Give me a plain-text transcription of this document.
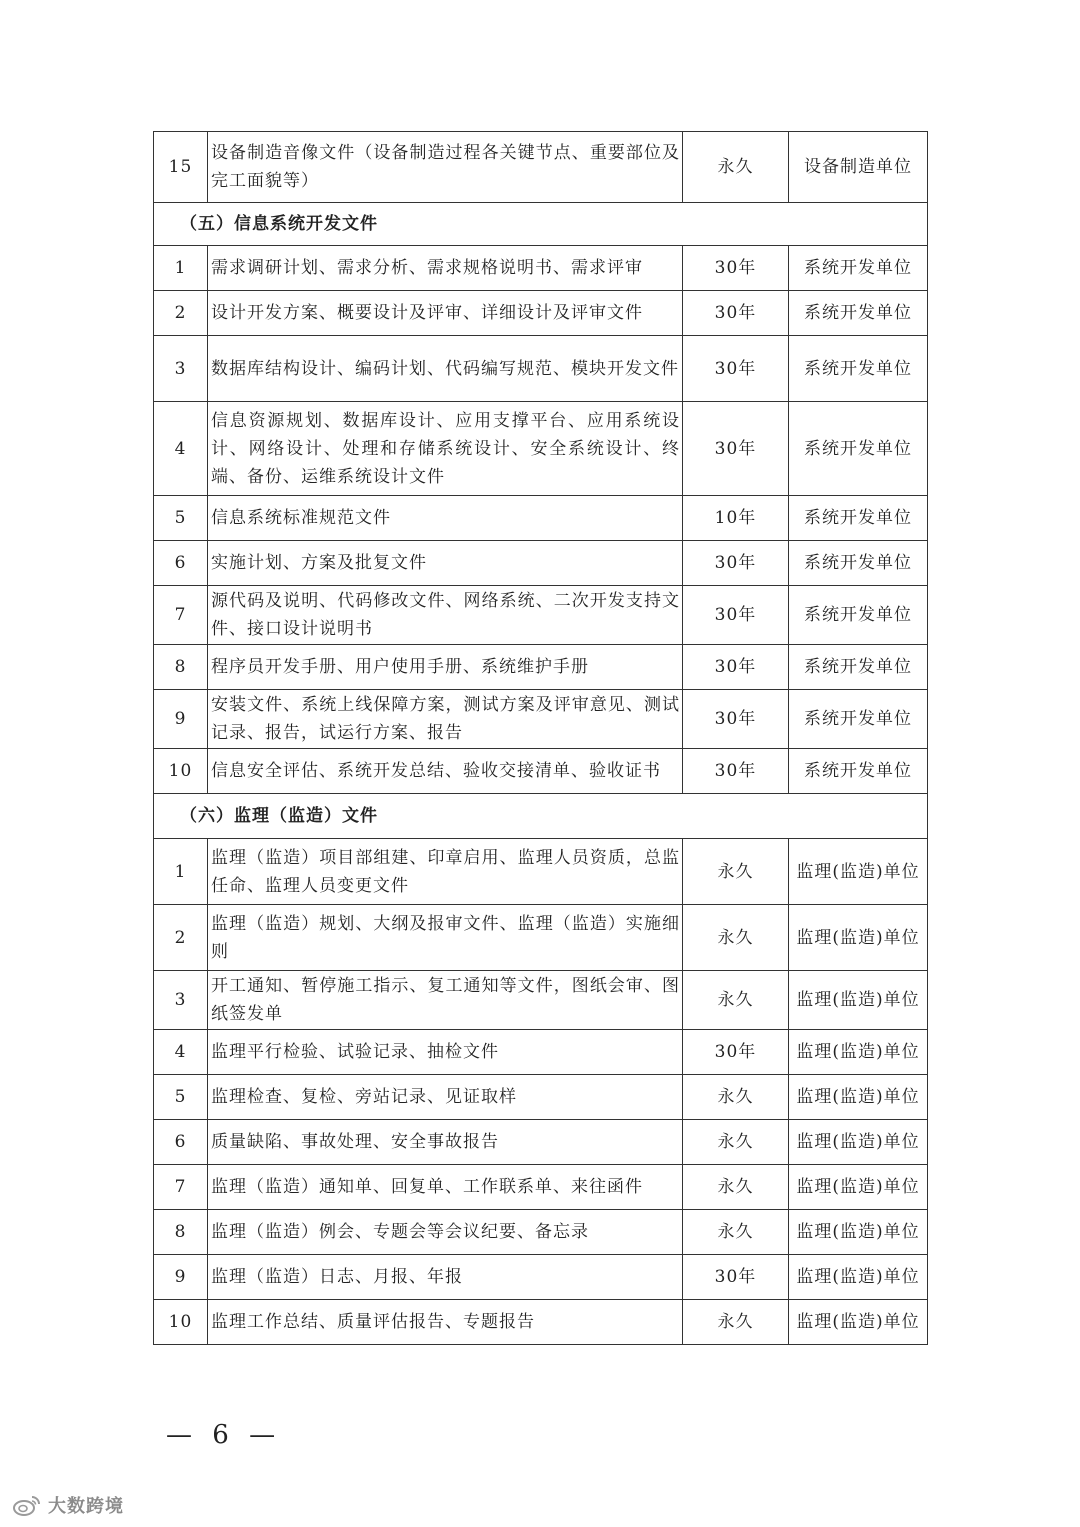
15	设备制造音像文件（设备制造过程各关键节点、重要部位及完工面貌等）	永久	设备制造单位
（五）信息系统开发文件			
1	需求调研计划、需求分析、需求规格说明书、需求评审	30年	系统开发单位
2	设计开发方案、概要设计及评审、详细设计及评审文件	30年	系统开发单位
3	数据库结构设计、编码计划、代码编写规范、模块开发文件	30年	系统开发单位
4	信息资源规划、数据库设计、应用支撑平台、应用系统设计、网络设计、处理和存储系统设计、安全系统设计、终端、备份、运维系统设计文件	30年	系统开发单位
5	信息系统标准规范文件	10年	系统开发单位
6	实施计划、方案及批复文件	30年	系统开发单位
7	源代码及说明、代码修改文件、网络系统、二次开发支持文件、接口设计说明书	30年	系统开发单位
8	程序员开发手册、用户使用手册、系统维护手册	30年	系统开发单位
9	安装文件、系统上线保障方案，测试方案及评审意见、测试记录、报告，试运行方案、报告	30年	系统开发单位
10	信息安全评估、系统开发总结、验收交接清单、验收证书	30年	系统开发单位
（六）监理（监造）文件			
1	监理（监造）项目部组建、印章启用、监理人员资质，总监任命、监理人员变更文件	永久	监理(监造)单位
2	监理（监造）规划、大纲及报审文件、监理（监造）实施细则	永久	监理(监造)单位
3	开工通知、暂停施工指示、复工通知等文件，图纸会审、图纸签发单	永久	监理(监造)单位
4	监理平行检验、试验记录、抽检文件	30年	监理(监造)单位
5	监理检查、复检、旁站记录、见证取样	永久	监理(监造)单位
6	质量缺陷、事故处理、安全事故报告	永久	监理(监造)单位
7	监理（监造）通知单、回复单、工作联系单、来往函件	永久	监理(监造)单位
8	监理（监造）例会、专题会等会议纪要、备忘录	永久	监理(监造)单位
9	监理（监造）日志、月报、年报	30年	监理(监造)单位
10	监理工作总结、质量评估报告、专题报告	永久	监理(监造)单位
— 6 —
大数跨境
